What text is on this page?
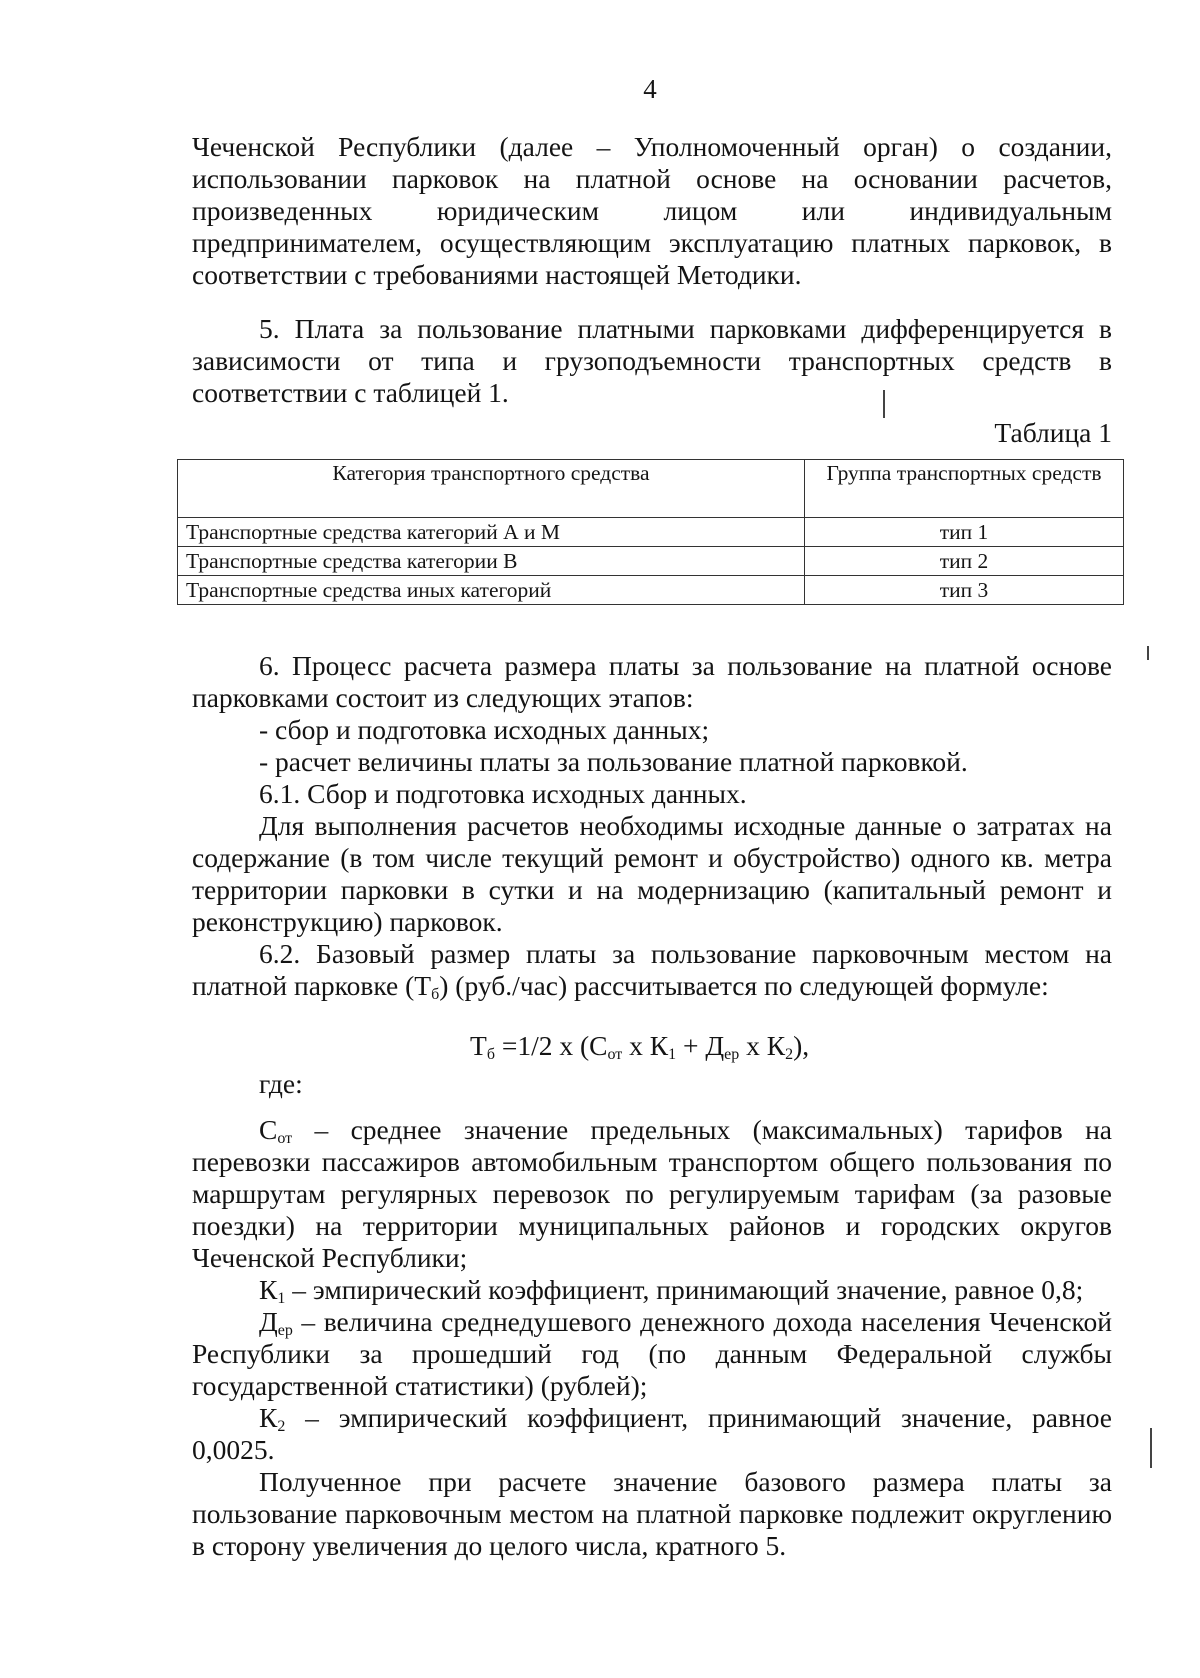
4

Чеченской Республики (далее – Уполномоченный орган) о создании, использовании парковок на платной основе на основании расчетов, произведенных юридическим лицом или индивидуальным предпринимателем, осуществляющим эксплуатацию платных парковок, в соответствии с требованиями настоящей Методики.

5. Плата за пользование платными парковками дифференцируется в зависимости от типа и грузоподъемности транспортных средств в соответствии с таблицей 1.

Таблица 1
Категория транспортного средства	Группа транспортных средств
Транспортные средства категорий А и М	тип 1
Транспортные средства категории B	тип 2
Транспортные средства иных категорий	тип 3

6. Процесс расчета размера платы за пользование на платной основе парковками состоит из следующих этапов:

- сбор и подготовка исходных данных;

- расчет величины платы за пользование платной парковкой.

6.1. Сбор и подготовка исходных данных.

Для выполнения расчетов необходимы исходные данные о затратах на содержание (в том числе текущий ремонт и обустройство) одного кв. метра территории парковки в сутки и на модернизацию (капитальный ремонт и реконструкцию) парковок.

6.2. Базовый размер платы за пользование парковочным местом на платной парковке $(Т_б)$ (руб./час) рассчитывается по следующей формуле:

$Т_б =1/2$ х ($С_{от}$ х $К_1 + Д_{ер}$ х $К_2$),
где:

$С_{от}$ – среднее значение предельных (максимальных) тарифов на перевозки пассажиров автомобильным транспортом общего пользования по маршрутам регулярных перевозок по регулируемым тарифам (за разовые поездки) на территории муниципальных районов и городских округов Чеченской Республики;

$К_1$ – эмпирический коэффициент, принимающий значение, равное 0,8;

$Д_{ер}$ – величина среднедушевого денежного дохода населения Чеченской Республики за прошедший год (по данным Федеральной службы государственной статистики) (рублей);

$К_2$ – эмпирический коэффициент, принимающий значение, равное 0,0025.

Полученное при расчете значение базового размера платы за пользование парковочным местом на платной парковке подлежит округлению в сторону увеличения до целого числа, кратного 5.
